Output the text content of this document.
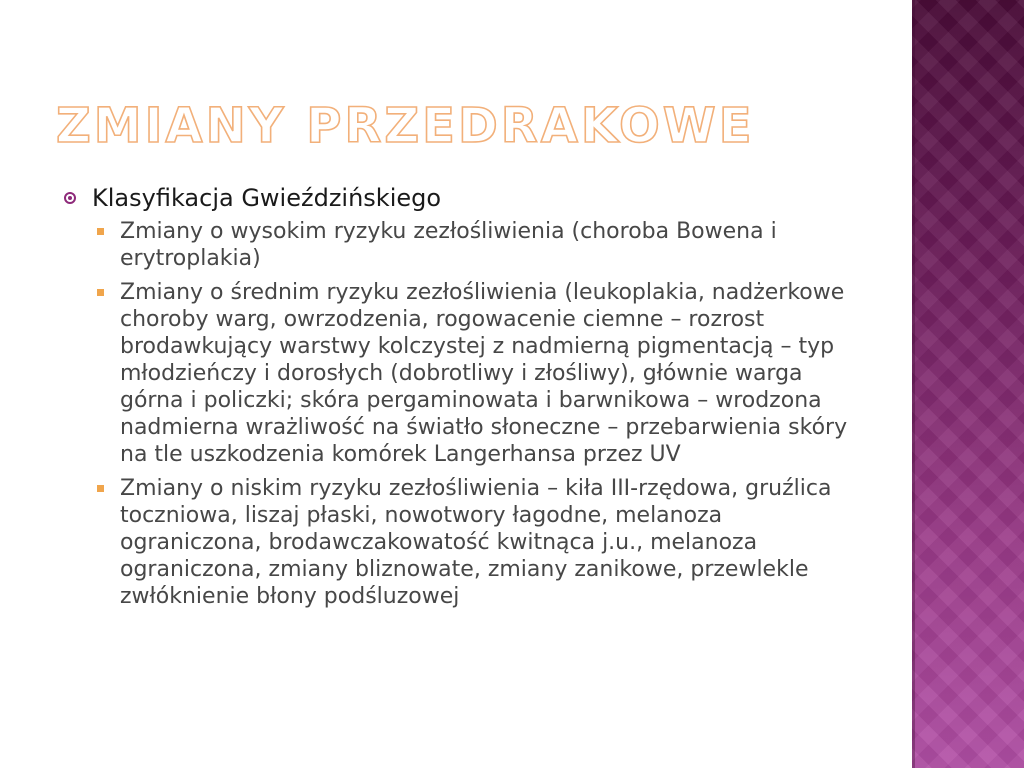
ZMIANY PRZEDRAKOWE
Klasyfikacja Gwieździńskiego
Zmiany o wysokim ryzyku zezłośliwienia (choroba Bowena i erytroplakia)
Zmiany o średnim ryzyku zezłośliwienia (leukoplakia, nadżerkowe choroby warg, owrzodzenia, rogowacenie ciemne – rozrost brodawkujący warstwy kolczystej z nadmierną pigmentacją – typ młodzieńczy i dorosłych (dobrotliwy i złośliwy), głównie warga górna i policzki; skóra pergaminowata i barwnikowa – wrodzona nadmierna wrażliwość na światło słoneczne – przebarwienia skóry na tle uszkodzenia komórek Langerhansa przez UV
Zmiany o niskim ryzyku zezłośliwienia – kiła III-rzędowa, gruźlica toczniowa, liszaj płaski, nowotwory łagodne, melanoza ograniczona, brodawczakowatość kwitnąca j.u., melanoza ograniczona, zmiany bliznowate, zmiany zanikowe, przewlekle zwłóknienie błony podśluzowej
